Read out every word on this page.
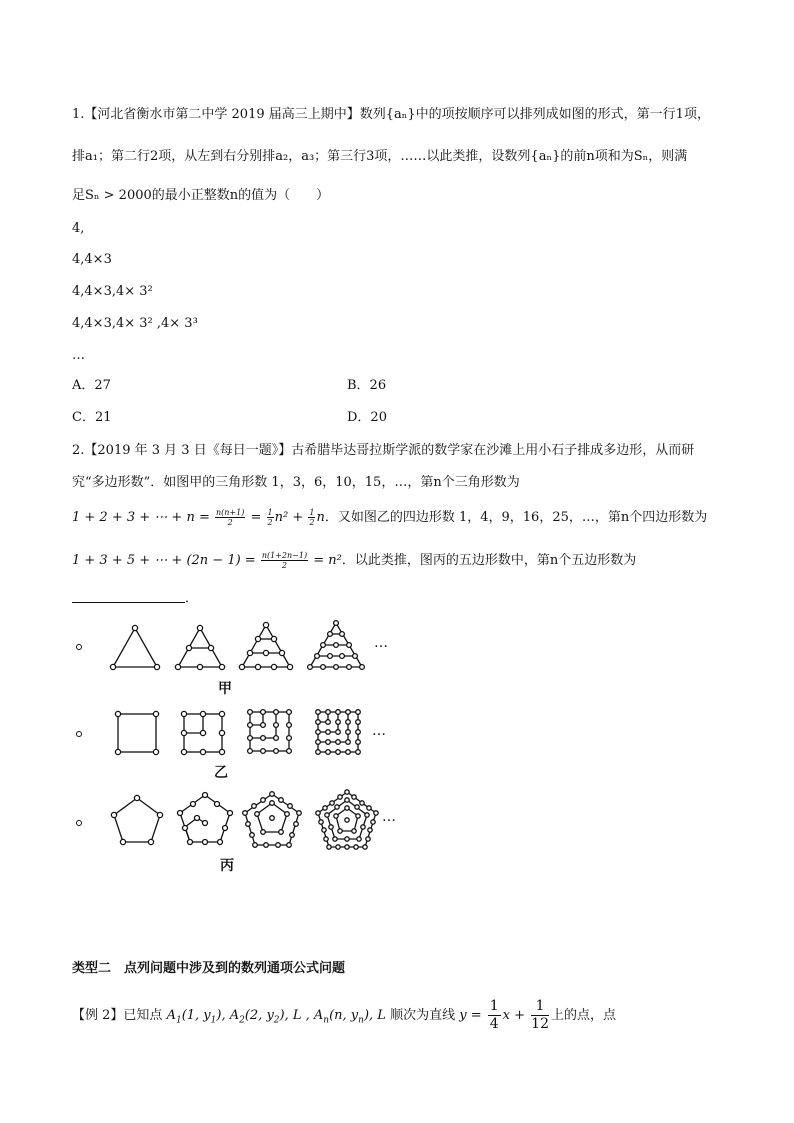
1.【河北省衡水市第二中学 2019 届高三上期中】数列{aₙ}中的项按顺序可以排列成如图的形式，第一行1项，
排a₁；第二行2项，从左到右分别排a₂，a₃；第三行3项，……以此类推，设数列{aₙ}的前n项和为Sₙ，则满
足Sₙ > 2000的最小正整数n的值为（　　）
4,
4,4×3
4,4×3,4× 3²
4,4×3,4× 3² ,4× 3³
…
A．27	B．26
C．21	D．20
2.【2019 年 3 月 3 日《每日一题》】古希腊毕达哥拉斯学派的数学家在沙滩上用小石子排成多边形，从而研
究“多边形数”．如图甲的三角形数 1，3，6，10，15，…，第n个三角形数为
1 + 2 + 3 + ⋯ + $n = \frac{n(n+1)}{2} = \frac{1}{2} n^2 + \frac{1}{2}$ n．又如图乙的四边形数 1，4，9，16，25，…，第n个四边形数为
1 + 3 + 5 + ⋯ + $(2n - 1) = \frac{n(1+2n-1)}{2} = n^2$．以此类推，图丙的五边形数中，第n个五边形数为
．
…
…
…
甲
乙
丙
类型二　点列问题中涉及到的数列通项公式问题
【例 2】已知点 $A_1(1$, $y_1$), $A_2(2$, $y_2$), L , $A_n(n$, $y_n$), L 顺次为直线 $y = \frac{1}{4}$ $x + \frac{1}{12}$ 上的点，点
